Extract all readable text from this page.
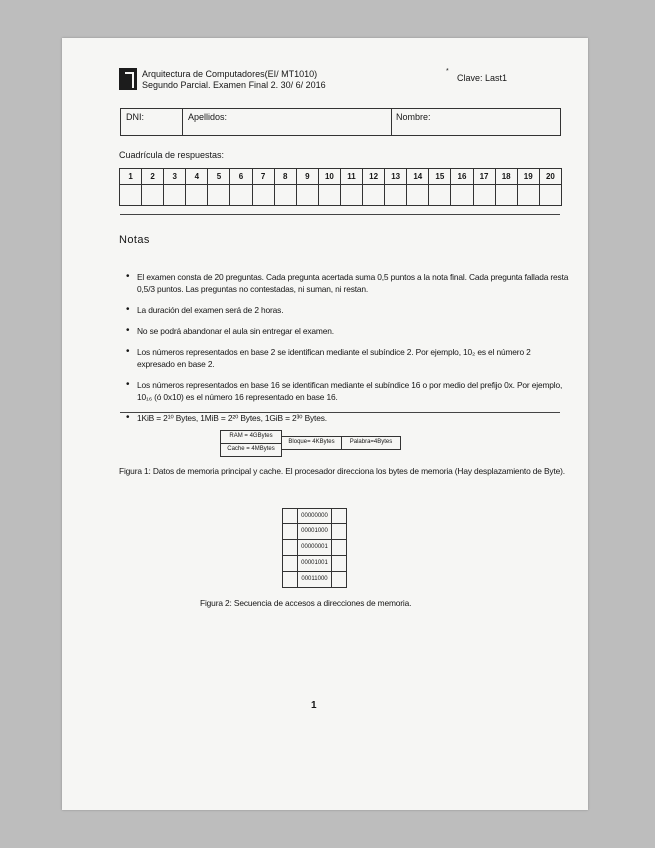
Arquitectura de Computadores(EI/ MT1010)
Segundo Parcial. Examen Final 2. 30/ 6/ 2016
*
Clave: Last1
DNI:	Apellidos:	Nombre:
Cuadrícula de respuestas:
1	2	3	4	5	6	7	8	9	10	11	12	13	14	15	16	17	18	19	20

Notas
• El examen consta de 20 preguntas. Cada pregunta acertada suma 0,5 puntos a la nota final. Cada pregunta fallada resta 0,5/3 puntos. Las preguntas no contestadas, ni suman, ni restan.
• La duración del examen será de 2 horas.
• No se podrá abandonar el aula sin entregar el examen.
• Los números representados en base 2 se identifican mediante el subíndice 2. Por ejemplo, 10₂ es el número 2 expresado en base 2.
• Los números representados en base 16 se identifican mediante el subíndice 16 o por medio del prefijo 0x. Por ejemplo, 10₁₆ (ó 0x10) es el número 16 representado en base 16.
• 1KiB = 2¹⁰ Bytes, 1MiB = 2²⁰ Bytes, 1GiB = 2³⁰ Bytes.
RAM = 4GBytes
Cache = 4MBytes
Bloque= 4KBytes	Palabra=4Bytes
Figura 1: Datos de memoria principal y cache. El procesador direcciona los bytes de memoria (Hay desplazamiento de Byte).
00000000
00001000
00000001
00001001
00011000
Figura 2: Secuencia de accesos a direcciones de memoria.
1
